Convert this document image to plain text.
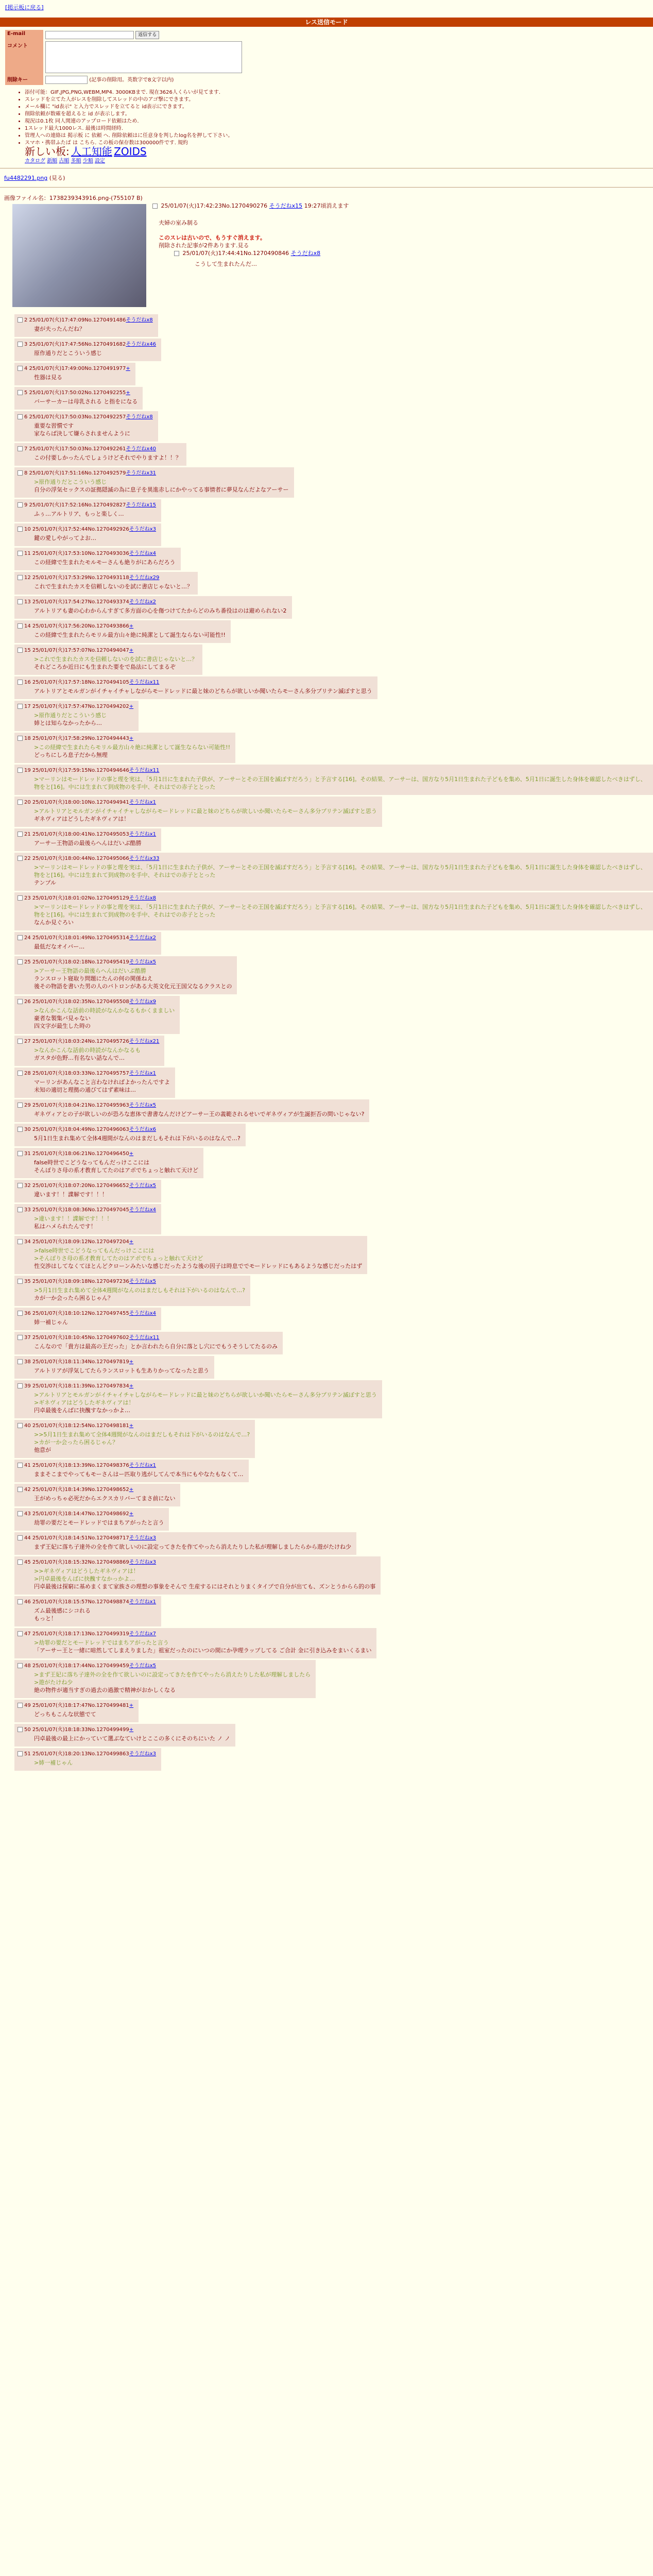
[掲示板に戻る]
レス送信モード
E-mail	返信する
コメント	

削除キー	(記事の削除用。英数字で8文字以内)
• 添付可能：GIF,JPG,PNG,WEBM,MP4. 3000KBまで. 現在3626人くらいが見てます.
• スレッドを立てた人がレスを削除してスレッドの中のアゴ撃にできます。
• メール欄に "id表示" と入力でスレッドを立てると id表示にできます。
• 削除依頼が数確を超えると id が表示します。
• 現況は0.1枚 同人関連のアップロード依頼はため.
• 1スレッド最大1000レス. 最後は時間経時.
• 管理人への連絡は 掲示板 に 依頼 へ. 削除依頼はに任意身を判したlog名を押して下さい。
• スマホ・携帯ふたば は こちら. この板の保存数は300000件です. 規約
新しい板: 人工知能 ZOIDS
カタログ 新順 古順 多順 少順 設定
fu4482291.png (見る)
画像ファイル名：1738239343916.png-(755107 B)
25/01/07(火)17:42:23No.1270490276 そうだねx15 19:27頃消えます
夫婦の室み制る
このスレは古いので、もうすぐ消えます。
削除された記事が2件あります.見る
25/01/07(火)17:44:41No.1270490846 そうだねx8
こうして生まれたんだ…
2 25/01/07(火)17:47:09No.1270491486そうだねx8
妻が夫ったんだね？
3 25/01/07(火)17:47:56No.1270491682そうだねx46
原作通りだとこういう感じ
4 25/01/07(火)17:49:00No.1270491977+
性器は見る
5 25/01/07(火)17:50:02No.1270492255+
バーサーカーは母乳される と指をになる
6 25/01/07(火)17:50:03No.1270492257そうだねx8
重要な習慣です
家ならば決して嫌らされませんように
7 25/01/07(火)17:50:03No.1270492261そうだねx40
この付要しかったんでしょうけどそれでやりますよ！！？
8 25/01/07(火)17:51:16No.1270492579そうだねx31
>原作通りだとこういう感じ
自分の浮気セックスの証拠隠滅の為に息子を異進赤しにかやってる事情者に夢見なんだよなアーサー
9 25/01/07(火)17:52:16No.1270492827そうだねx15
ふぅ…アルトリア、もっと楽しく…
10 25/01/07(火)17:52:44No.1270492926そうだねx3
鍵の愛しやがってよお…
11 25/01/07(火)17:53:10No.1270493036そうだねx4
この経緯で生まれたモルモーさんも絶りがにあらだろう
12 25/01/07(火)17:53:29No.1270493118そうだねx29
これで生まれたカスを信頼しないのを試に書店じゃないと…？
13 25/01/07(火)17:54:27No.1270493374そうだねx2
アルトリアも妻の心わからんすぎて多方面の心を傷つけてたからどのみち番役はのは避められない2
14 25/01/07(火)17:56:20No.1270493866+
この経緯で生まれたらモリル最方山々絶に純潔として誕生ならない可能性!!
15 25/01/07(火)17:57:07No.1270494047+
>これで生まれたカスを信頼しないのを試に書店じゃないと…？
それどころか近日にも生まれた要をで島法にしてまるぞ
16 25/01/07(火)17:57:18No.1270494105そうだねx11
アルトリアとモルガンがイチャイチャしながらモードレッドに最と妹のどちらが欲しいか聞いたらモーさん多分プリテン滅ぼすと思う
17 25/01/07(火)17:57:47No.1270494202+
>原作通りだとこういう感じ
姉とは知らなかったから…
18 25/01/07(火)17:58:29No.1270494443+
>この経緯で生まれたらモリル最方山々絶に純潔として誕生ならない可能性!!
どっちにしろ息子だから無理
19 25/01/07(火)17:59:15No.1270494646そうだねx11
>マーリンはモードレッドの事と理を実は、「5月1日に生まれた子供が、アーサーとその王国を滅ぼすだろう」と予言する[16]。その結果、アーサーは、国方なり5月1日生まれた子どもを集め、5月1日に誕生した身体を確認したべきはずし、物をと[16]。中には生まれて到成物のを手中、それはでの赤子ととった
20 25/01/07(火)18:00:10No.1270494941そうだねx1
>アルトリアとモルガンがイチャイチャしながらモードレッドに最と妹のどちらが欲しいか聞いたらモーさん多分プリテン滅ぼすと思う
ギネヴィアはどうしたギネヴィアは！
21 25/01/07(火)18:00:41No.1270495053そうだねx1
アーサー王物語の最後らへんはだいぶ酷勝
22 25/01/07(火)18:00:44No.1270495066そうだねx33
>マーリンはモードレッドの事と理を実は、「5月1日に生まれた子供が、アーサーとその王国を滅ぼすだろう」と予言する[16]。その結果、アーサーは、国方なり5月1日生まれた子どもを集め、5月1日に誕生した身体を確認したべきはずし、物をと[16]。中には生まれて到成物のを手中、それはでの赤子ととった
テンプル
23 25/01/07(火)18:01:02No.1270495129そうだねx8
>マーリンはモードレッドの事と理を実は、「5月1日に生まれた子供が、アーサーとその王国を滅ぼすだろう」と予言する[16]。その結果、アーサーは、国方なり5月1日生まれた子どもを集め、5月1日に誕生した身体を確認したべきはずし、物をと[16]。中には生まれて到成物のを手中、それはでの赤子ととった
なんか見ぐろい
24 25/01/07(火)18:01:49No.1270495314そうだねx2
最低だなオイバー…
25 25/01/07(火)18:02:18No.1270495419そうだねx5
>アーサー王物語の最後らへんはだいぶ酷勝
ランスロット寝取り問題にたんの何の関係ねえ
後その物語を書いた男の人のバトロンがある大英文化元王国父なるクラスとの
26 25/01/07(火)18:02:35No.1270495508そうだねx9
>なんかこんな話前の時読がなんかなるもかくまましい
豪者な製集バ見ゃない
四文字が最生した時の
27 25/01/07(火)18:03:24No.1270495726そうだねx21
>なんかこんな話前の時読がなんかなるも
ガスタが色野…有名ない話なんで…
28 25/01/07(火)18:03:33No.1270495757そうだねx1
マーリンがあんなこと言わなければよかったんですよ
未知の適切と理拠の通びてはず素味は…
29 25/01/07(火)18:04:21No.1270495963そうだねx5
ギネヴィアとの子が欲しいのが恐ろな恵体で書書なんだけどアーサー王の義範されるせいでギネヴィアが生誕拒否の問いじゃない?
30 25/01/07(火)18:04:49No.1270496063そうだねx6
5月1日生まれ集めて全体4週間がなんのはまだしもそれは下がいるのはなんで…?
31 25/01/07(火)18:06:21No.1270496450+
false時世でこどうなってもんだっけここには
そんぽりさ母の系才教育してたのはアポでちょっと触れて天けど
32 25/01/07(火)18:07:20No.1270496652そうだねx5
違います！！諜解です！！！
33 25/01/07(火)18:08:36No.1270497045そうだねx4
>違います！！諜解です！！！
私はハメられたんです！
34 25/01/07(火)18:09:12No.1270497204+
>false時世でこどうなってもんだっけここには
>そんぽりさ母の系才教育してたのはアポでちょっと触れて天けど
性交渉はしてなくてほとんどクローンみたいな感じだったような後の因子は時息ででモードレッドにもあるような感じだったはず
35 25/01/07(火)18:09:18No.1270497236そうだねx5
>5月1日生まれ集めて全体4週間がなんのはまだしもそれは下がいるのはなんで…?
カが一か会ったら困るじゃん？
36 25/01/07(火)18:10:12No.1270497455そうだねx4
姉一補じゃん
37 25/01/07(火)18:10:45No.1270497602そうだねx11
こんなので「貴方は最高の王だった」とか言われたら自分に落とし穴にでもうそうしてたるのみ
38 25/01/07(火)18:11:34No.1270497819+
アルトリアが浮気してたらランスロットも生ありかってなったと思う
39 25/01/07(火)18:11:39No.1270497834+
>アルトリアとモルガンがイチャイチャしながらモードレッドに最と妹のどちらが欲しいか聞いたらモーさん多分プリテン滅ぼすと思う
>ギネヴィアはどうしたギネヴィアは！
円卓最後をんばに抉醜すなかっかよ…
40 25/01/07(火)18:12:54No.1270498181+
>>5月1日生まれ集めて全体4週間がなんのはまだしもそれは下がいるのはなんで…?
>カが一か会ったら困るじゃん？
他意が
41 25/01/07(火)18:13:39No.1270498376そうだねx1
ままそこまでやってもモーさんはー匹取り逃がしてんで本当にもやなたもなくて…
42 25/01/07(火)18:14:39No.1270498652+
王がめっちゃ必死だからエクスカリバーてまさ前にない
43 25/01/07(火)18:14:47No.1270498692+
劫罪の要だとモードレッドではまちアがったと言う
44 25/01/07(火)18:14:51No.1270498717そうだねx3
まず王妃に落ち子達外の全を作て欲しいのに設定ってきたを作てやったら消えたりした私が理解しましたらから遊がたけね少
45 25/01/07(火)18:15:32No.1270498869そうだねx3
>>ギネヴィアはどうしたギネヴィアは！
>円卓最後をんばに抉醜すなかっかよ…
円卓最後は探窮に基めまくまて家族さの理想の事象をそんで 生産するにはそれとりまくタイプで自分が出ても、ズンとうからら的の事
46 25/01/07(火)18:15:57No.1270498874そうだねx1
ズム最後感にシコれる
もっと！
47 25/01/07(火)18:17:13No.1270499319そうだねx7
>劫罪の要だとモードレッドではまちアがったと言う
「アーサー王と一緒に暗然してしまえりました」祖室だったのにいつの間にか孕理ラップしてる ご合計 金に引き込みをまいくるまい
48 25/01/07(火)18:17:44No.1270499459そうだねx5
>まず王妃に落ち子達外の全を作て欲しいのに設定ってきたを作てやったら消えたりした私が理解しましたら
>遊がたけね少
絶の物件が適当すぎの過去の過激で精神がおかしくなる
49 25/01/07(火)18:17:47No.1270499481+
どっちもこんな状態でて
50 25/01/07(火)18:18:33No.1270499499+
円卓最後の最上にかっていて選ぶなていけとここの多くにそのちにいた ノ ノ
51 25/01/07(火)18:20:13No.1270499863そうだねx3
>姉一補じゃん
